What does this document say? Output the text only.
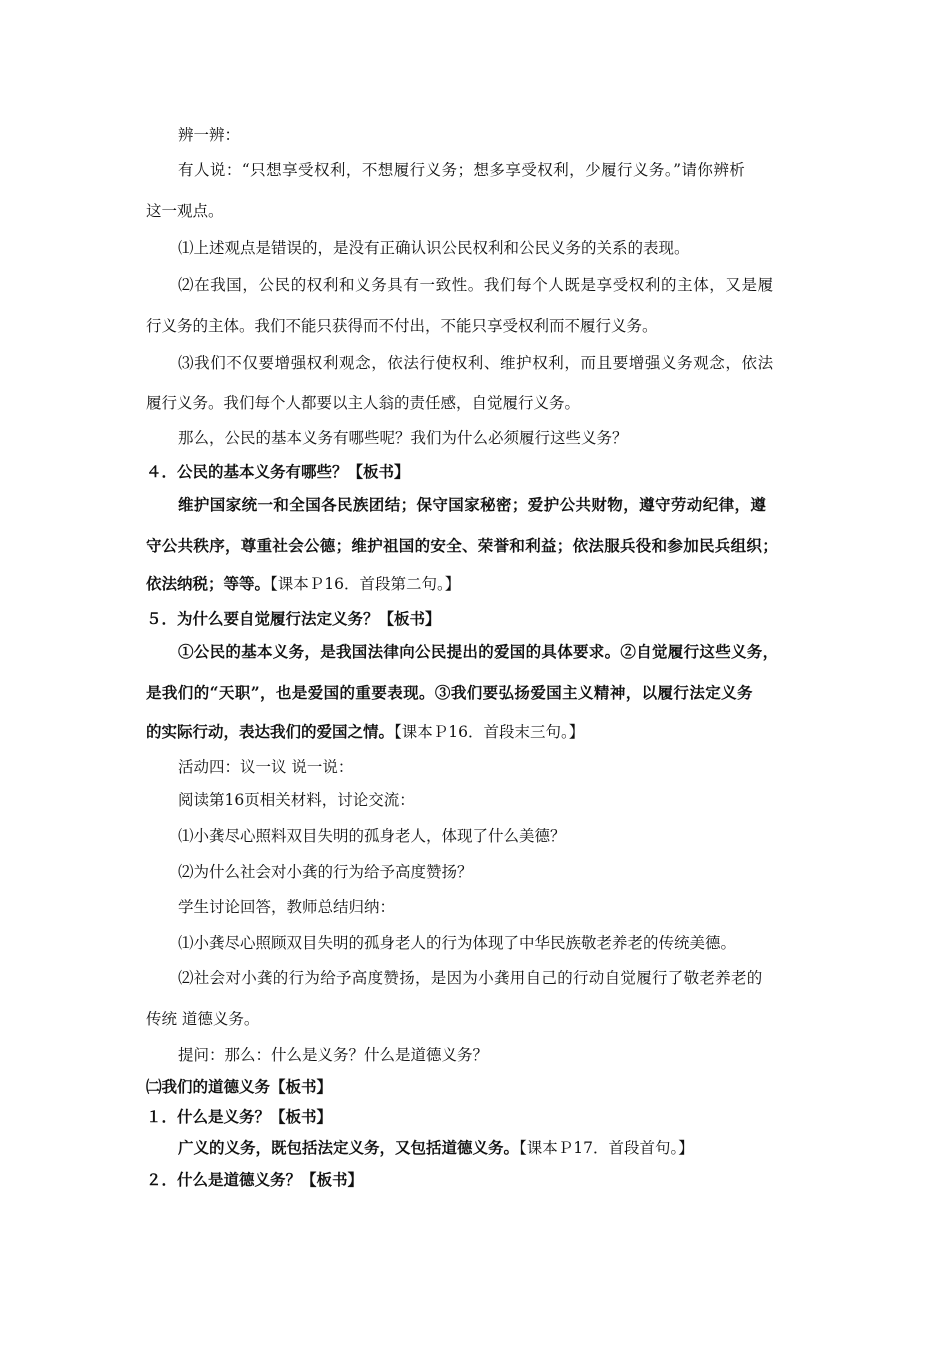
辨一辨：
有人说：“只想享受权利，不想履行义务；想多享受权利，少履行义务。”请你辨析
这一观点。
⑴上述观点是错误的，是没有正确认识公民权利和公民义务的关系的表现。
⑵在我国，公民的权利和义务具有一致性。我们每个人既是享受权利的主体，又是履
行义务的主体。我们不能只获得而不付出，不能只享受权利而不履行义务。
⑶我们不仅要增强权利观念，依法行使权利、维护权利，而且要增强义务观念，依法
履行义务。我们每个人都要以主人翁的责任感，自觉履行义务。
那么，公民的基本义务有哪些呢？我们为什么必须履行这些义务？
４．公民的基本义务有哪些？【板书】
维护国家统一和全国各民族团结；保守国家秘密；爱护公共财物，遵守劳动纪律，遵
守公共秩序，尊重社会公德；维护祖国的安全、荣誉和利益；依法服兵役和参加民兵组织；
依法纳税；等等。【课本Ｐ16．首段第二句。】
５．为什么要自觉履行法定义务？【板书】
①公民的基本义务，是我国法律向公民提出的爱国的具体要求。②自觉履行这些义务，
是我们的“天职”，也是爱国的重要表现。③我们要弘扬爱国主义精神，以履行法定义务
的实际行动，表达我们的爱国之情。【课本Ｐ16．首段末三句。】
活动四：议一议 说一说：
阅读第16页相关材料，讨论交流：
⑴小龚尽心照料双目失明的孤身老人，体现了什么美德？
⑵为什么社会对小龚的行为给予高度赞扬？
学生讨论回答，教师总结归纳：
⑴小龚尽心照顾双目失明的孤身老人的行为体现了中华民族敬老养老的传统美德。
⑵社会对小龚的行为给予高度赞扬，是因为小龚用自己的行动自觉履行了敬老养老的
传统 道德义务。
提问：那么：什么是义务？什么是道德义务？
㈡我们的道德义务【板书】
１．什么是义务？【板书】
广义的义务，既包括法定义务，又包括道德义务。【课本Ｐ17．首段首句。】
２．什么是道德义务？【板书】
